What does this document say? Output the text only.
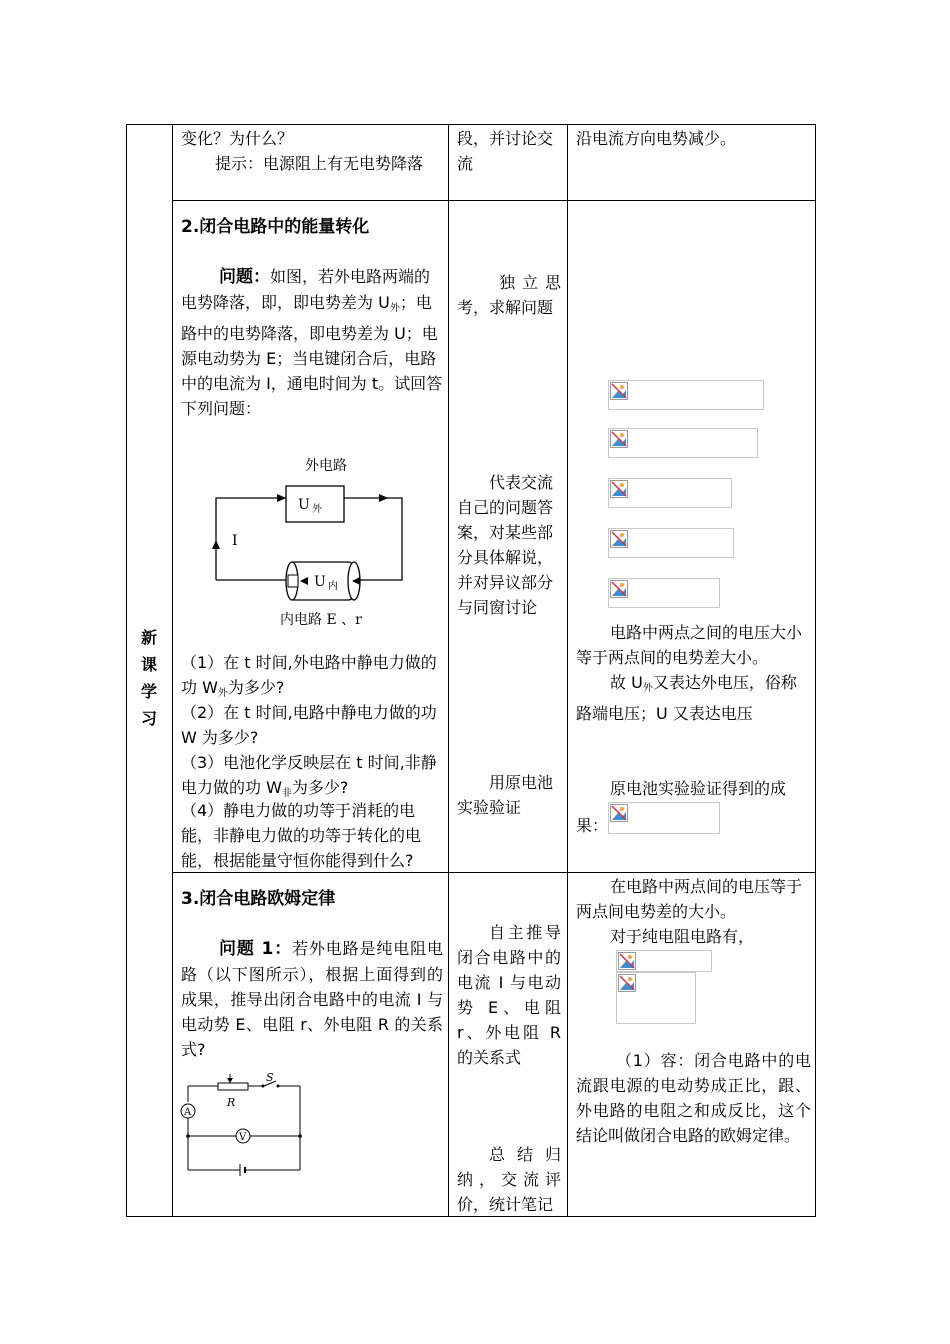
新课学习
变化？为什么？
提示：电源阻上有无电势降落
段，并讨论交流
沿电流方向电势减少。
2.闭合电路中的能量转化
问题：如图，若外电路两端的电势降落，即，即电势差为 $U_外$；电路中的电势降落，即电势差为 U；电源电动势为 E；当电键闭合后，电路中的电流为 I，通电时间为 t。试回答下列问题：
外电路
U 外
I
U 内
内电路 E 、r
（1）在 t 时间,外电路中静电力做的功 $W_外$为多少?
（2）在 t 时间,电路中静电力做的功 W 为多少?
（3）电池化学反映层在 t 时间,非静电力做的功 $W_非$为多少?
（4）静电力做的功等于消耗的电能，非静电力做的功等于转化的电能，根据能量守恒你能得到什么?
独立思考，求解问题
代表交流自己的问题答案，对某些部分具体解说，并对异议部分与同窗讨论
用原电池实验验证
电路中两点之间的电压大小等于两点间的电势差大小。
故 $U_外$又表达外电压，俗称路端电压；U 又表达电压
原电池实验验证得到的成果：
3.闭合电路欧姆定律
问题 1：若外电路是纯电阻电路（以下图所示），根据上面得到的成果，推导出闭合电路中的电流 I 与电动势 E、电阻 r、外电阻 R 的关系式?
S
R
A
V
自主推导闭合电路中的电流 I 与电动势 E、电阻 r、外电阻 R 的关系式
总结归纳，交流评价，统计笔记
在电路中两点间的电压等于两点间电势差的大小。
对于纯电阻电路有，
（1）容：闭合电路中的电流跟电源的电动势成正比，跟、外电路的电阻之和成反比，这个结论叫做闭合电路的欧姆定律。
